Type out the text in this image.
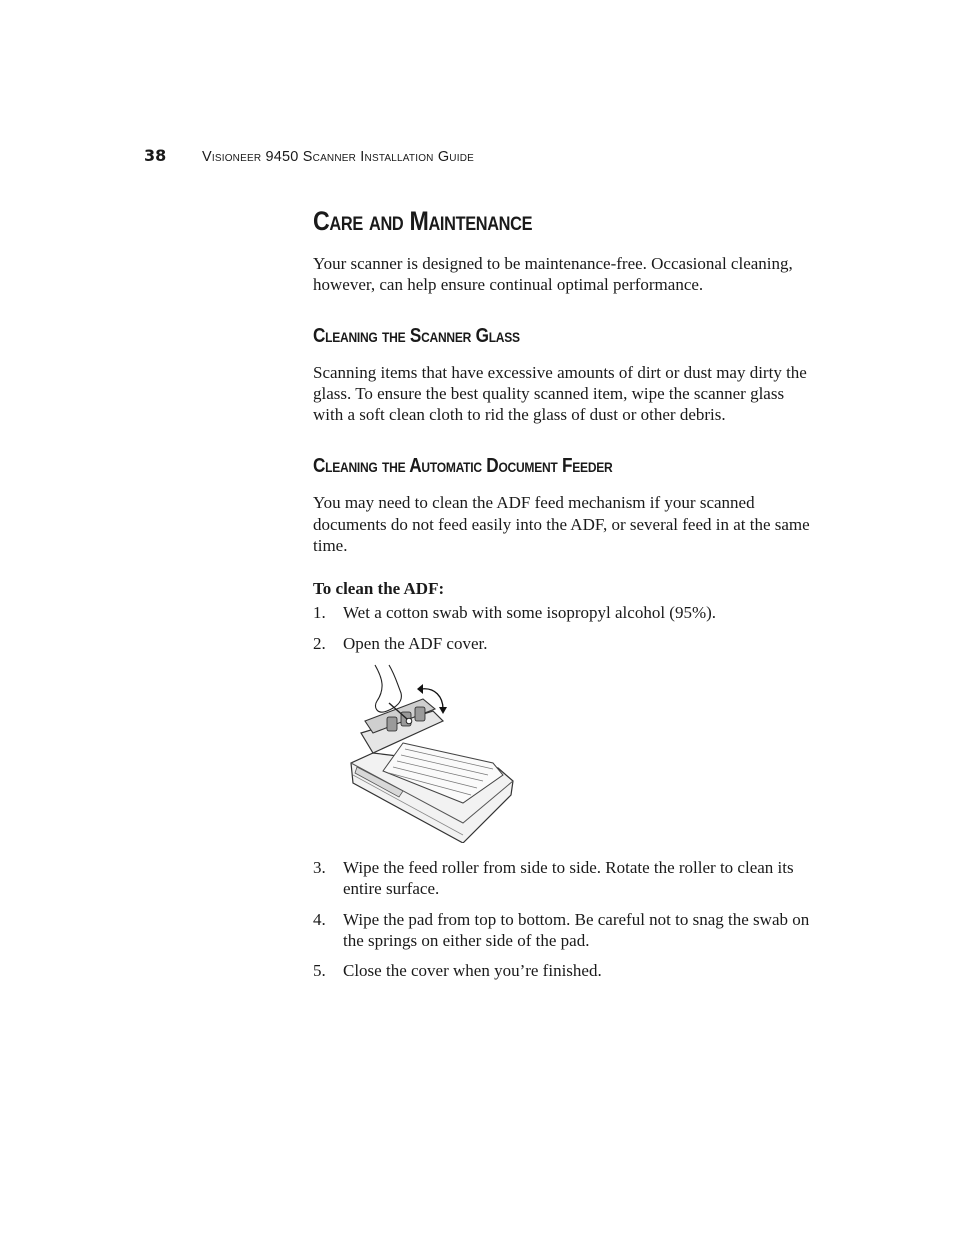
38 Visioneer 9450 Scanner Installation Guide
Care and Maintenance

Your scanner is designed to be maintenance-free. Occasional cleaning, however, can help ensure continual optimal performance.

Cleaning the Scanner Glass

Scanning items that have excessive amounts of dirt or dust may dirty the glass. To ensure the best quality scanned item, wipe the scanner glass with a soft clean cloth to rid the glass of dust or other debris.

Cleaning the Automatic Document Feeder

You may need to clean the ADF feed mechanism if your scanned documents do not feed easily into the ADF, or several feed in at the same time.

To clean the ADF:
1. Wet a cotton swab with some isopropyl alcohol (95%).
2. Open the ADF cover.
3. Wipe the feed roller from side to side. Rotate the roller to clean its entire surface.
4. Wipe the pad from top to bottom. Be careful not to snag the swab on the springs on either side of the pad.
5. Close the cover when you’re finished.
